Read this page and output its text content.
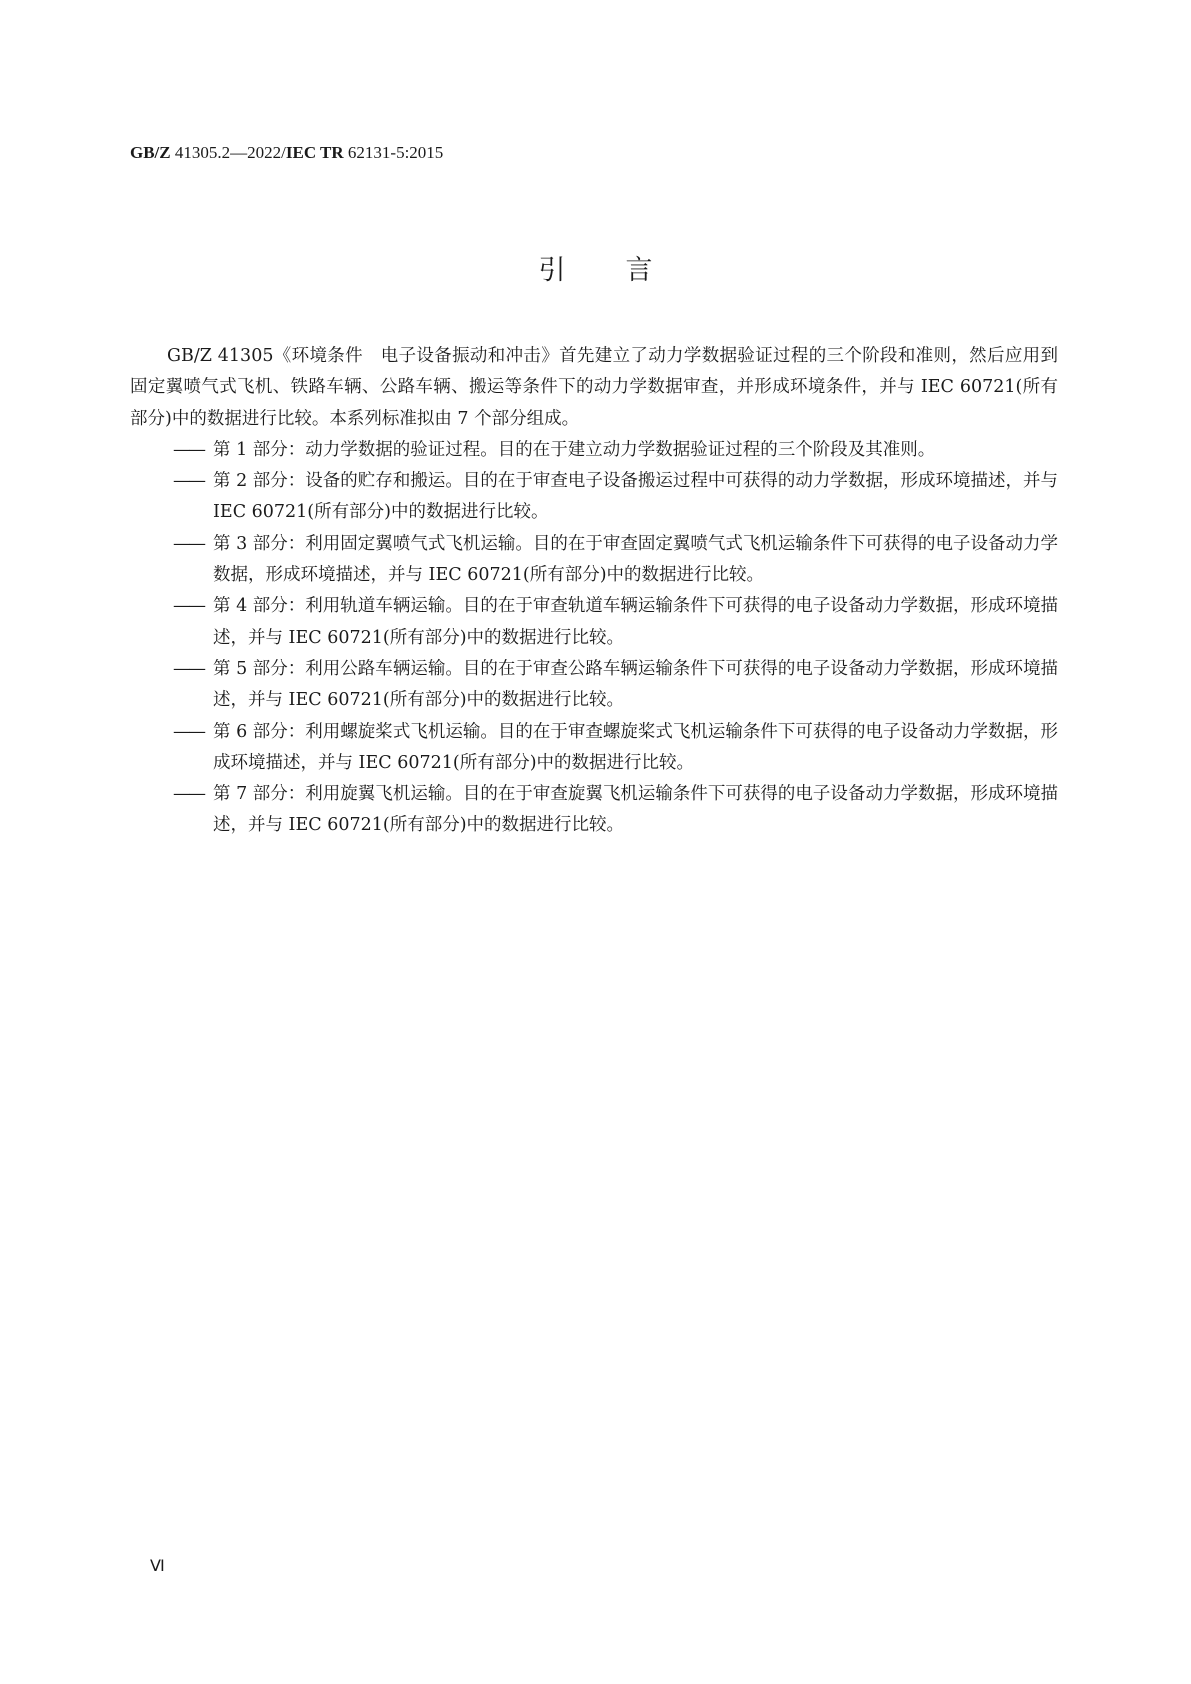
GB/Z 41305.2—2022/IEC TR 62131-5:2015
引言

GB/Z 41305《环境条件　电子设备振动和冲击》首先建立了动力学数据验证过程的三个阶段和准则，然后应用到固定翼喷气式飞机、铁路车辆、公路车辆、搬运等条件下的动力学数据审查，并形成环境条件，并与 IEC 60721(所有部分)中的数据进行比较。本系列标准拟由 7 个部分组成。

—— 第 1 部分：动力学数据的验证过程。目的在于建立动力学数据验证过程的三个阶段及其准则。

—— 第 2 部分：设备的贮存和搬运。目的在于审查电子设备搬运过程中可获得的动力学数据，形成环境描述，并与 IEC 60721(所有部分)中的数据进行比较。

—— 第 3 部分：利用固定翼喷气式飞机运输。目的在于审查固定翼喷气式飞机运输条件下可获得的电子设备动力学数据，形成环境描述，并与 IEC 60721(所有部分)中的数据进行比较。

—— 第 4 部分：利用轨道车辆运输。目的在于审查轨道车辆运输条件下可获得的电子设备动力学数据，形成环境描述，并与 IEC 60721(所有部分)中的数据进行比较。

—— 第 5 部分：利用公路车辆运输。目的在于审查公路车辆运输条件下可获得的电子设备动力学数据，形成环境描述，并与 IEC 60721(所有部分)中的数据进行比较。

—— 第 6 部分：利用螺旋桨式飞机运输。目的在于审查螺旋桨式飞机运输条件下可获得的电子设备动力学数据，形成环境描述，并与 IEC 60721(所有部分)中的数据进行比较。

—— 第 7 部分：利用旋翼飞机运输。目的在于审查旋翼飞机运输条件下可获得的电子设备动力学数据，形成环境描述，并与 IEC 60721(所有部分)中的数据进行比较。

Ⅵ
